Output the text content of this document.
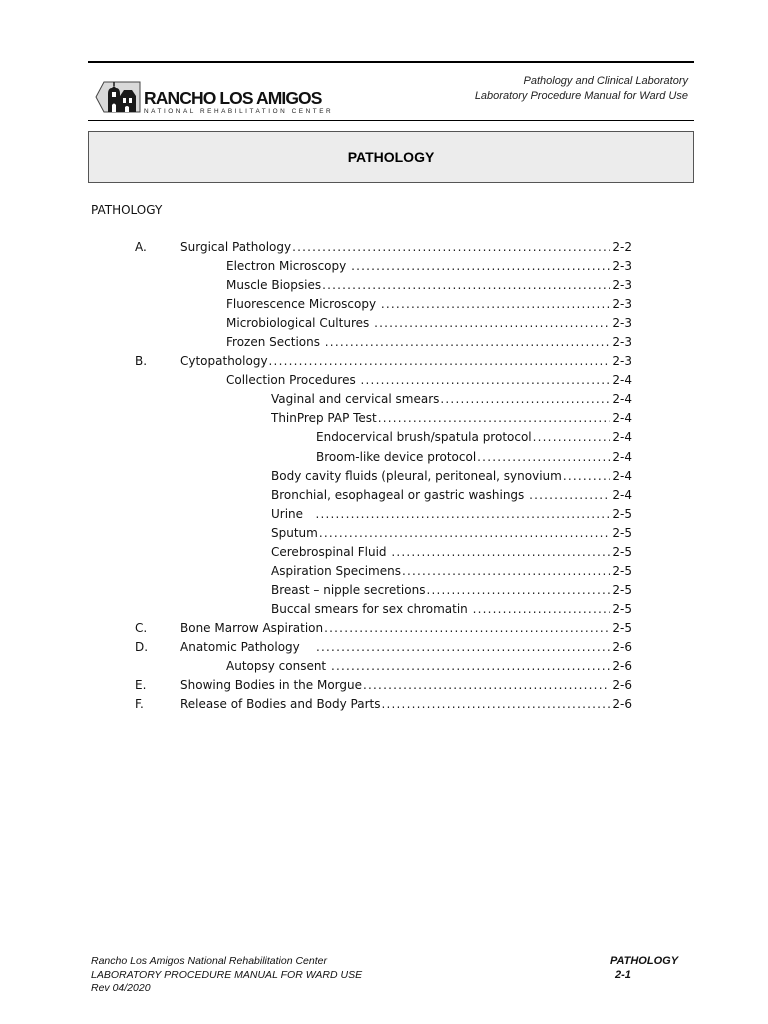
RANCHO LOS AMIGOS
NATIONAL REHABILITATION CENTER
Pathology and Clinical Laboratory
Laboratory Procedure Manual for Ward Use
PATHOLOGY
PATHOLOGY
A.	Surgical Pathology .....	2-2
Electron Microscopy .....	2-3
Muscle Biopsies .....	2-3
Fluorescence Microscopy .....	2-3
Microbiological Cultures .....	2-3
Frozen Sections .....	2-3
B.	Cytopathology .....	2-3
Collection Procedures .....	2-4
Vaginal and cervical smears .....	2-4
ThinPrep PAP Test .....	2-4
Endocervical brush/spatula protocol .....	2-4
Broom-like device protocol .....	2-4
Body cavity fluids (pleural, peritoneal, synovium .....	2-4
Bronchial, esophageal or gastric washings .....	2-4
Urine .....	2-5
Sputum .....	2-5
Cerebrospinal Fluid .....	2-5
Aspiration Specimens .....	2-5
Breast – nipple secretions .....	2-5
Buccal smears for sex chromatin .....	2-5
C.	Bone Marrow Aspiration .....	2-5
D.	Anatomic Pathology .....	2-6
Autopsy consent .....	2-6
E.	Showing Bodies in the Morgue .....	2-6
F.	Release of Bodies and Body Parts .....	2-6
Rancho Los Amigos National Rehabilitation Center
LABORATORY PROCEDURE MANUAL FOR WARD USE
Rev 04/2020
PATHOLOGY
2-1
